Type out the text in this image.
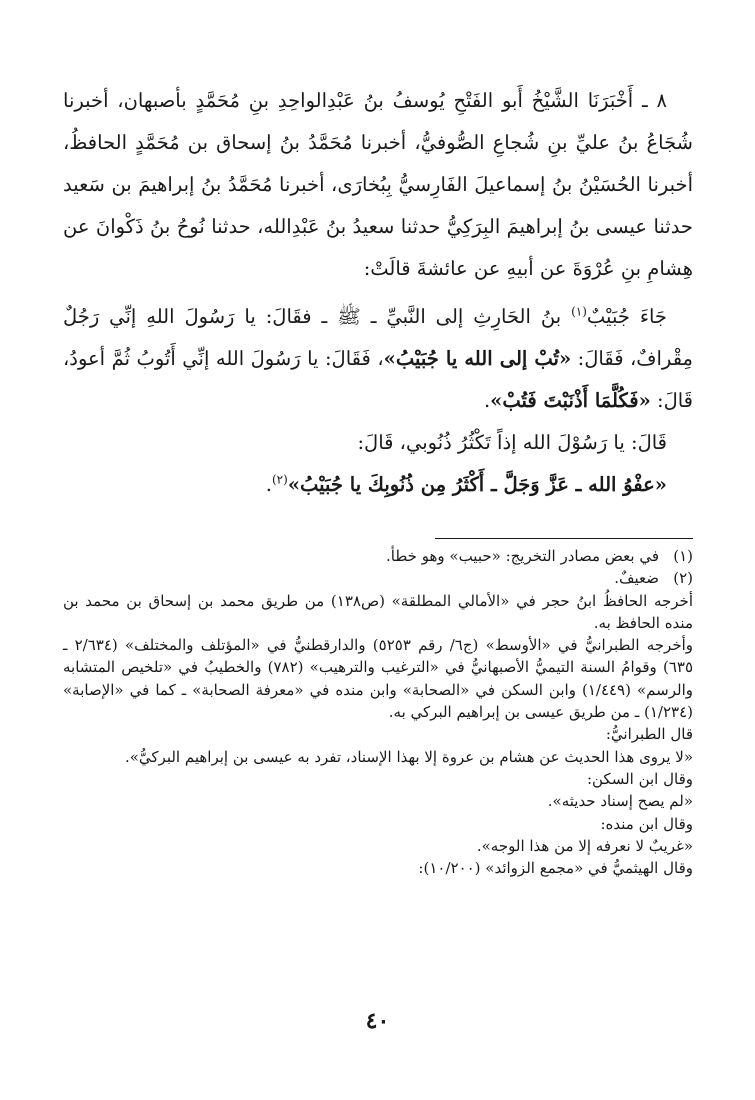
٨ ـ أَخْبَرَنَا الشَّيْخُ أَبو الفَتْحِ يُوسفُ بنُ عَبْدِالواحِدِ بنِ مُحَمَّدٍ بأصبهان، أخبرنا شُجَاعُ بنُ عليِّ بنِ شُجاعِ الصُّوفيُّ، أخبرنا مُحَمَّدُ بنُ إسحاق بن مُحَمَّدٍ الحافظُ، أخبرنا الحُسَيْنُ بنُ إسماعيلَ الفَارِسيُّ بِبُخارَى، أخبرنا مُحَمَّدُ بنُ إبراهيمَ بن سَعيد حدثنا عيسى بنُ إبراهيمَ البِرَكِيُّ حدثنا سعيدُ بنُ عَبْدِالله، حدثنا نُوحُ بنُ ذَكْوانَ عن هِشامِ بنِ عُرْوَةَ عن أبيهِ عن عائشةَ قالَتْ:

جَاءَ جُبَيْبٌ$^{(١)}$ بنُ الحَارِثِ إلى النَّبيِّ ـ ﷺ ـ فقَالَ: يا رَسُولَ اللهِ إنِّي رَجُلٌ مِقْرافٌ، فَقَالَ: «تُبْ إلى الله يا جُبَيْبُ»، فَقَالَ: يا رَسُولَ الله إنِّي أَتُوبُ ثُمَّ أعودُ، قَالَ: «فَكُلَّمَا أَذْنَبْتَ فَتُبْ».

قَالَ: يا رَسُوْلَ الله إذاً تَكْثُرُ ذُنُوبي، قَالَ:

«عفْوُ الله ـ عَزَّ وَجَلَّ ـ أَكْثَرُ مِن ذُنُوبِكَ يا جُبَيْبُ»$^{(٢)}$.

(١)في بعض مصادر التخريج: «حبيب» وهو خطأ.

(٢)ضعيفٌ.

أخرجه الحافظُ ابنُ حجر في «الأمالي المطلقة» (ص١٣٨) من طريق محمد بن إسحاق بن محمد بن منده الحافظ به.

وأخرجه الطبرانيُّ في «الأوسط» (ج٦/ رقم ٥٢٥٣) والدارقطنيُّ في «المؤتلف والمختلف» (٢/٦٣٤ ـ ٦٣٥) وقوامُ السنة التيميُّ الأصبهانيُّ في «الترغيب والترهيب» (٧٨٢) والخطيبُ في «تلخيص المتشابه والرسم» (١/٤٤٩) وابن السكن في «الصحابة» وابن منده في «معرفة الصحابة» ـ كما في «الإصابة» (١/٢٣٤) ـ من طريق عيسى بن إبراهيم البركي به.

قال الطبرانيُّ:

«لا يروى هذا الحديث عن هشام بن عروة إلا بهذا الإسناد، تفرد به عيسى بن إبراهيم البركيُّ».

وقال ابن السكن:

«لم يصح إسناد حديثه».

وقال ابن منده:

«غريبٌ لا نعرفه إلا من هذا الوجه».

وقال الهيثميُّ في «مجمع الزوائد» (١٠/٢٠٠):

٤٠
